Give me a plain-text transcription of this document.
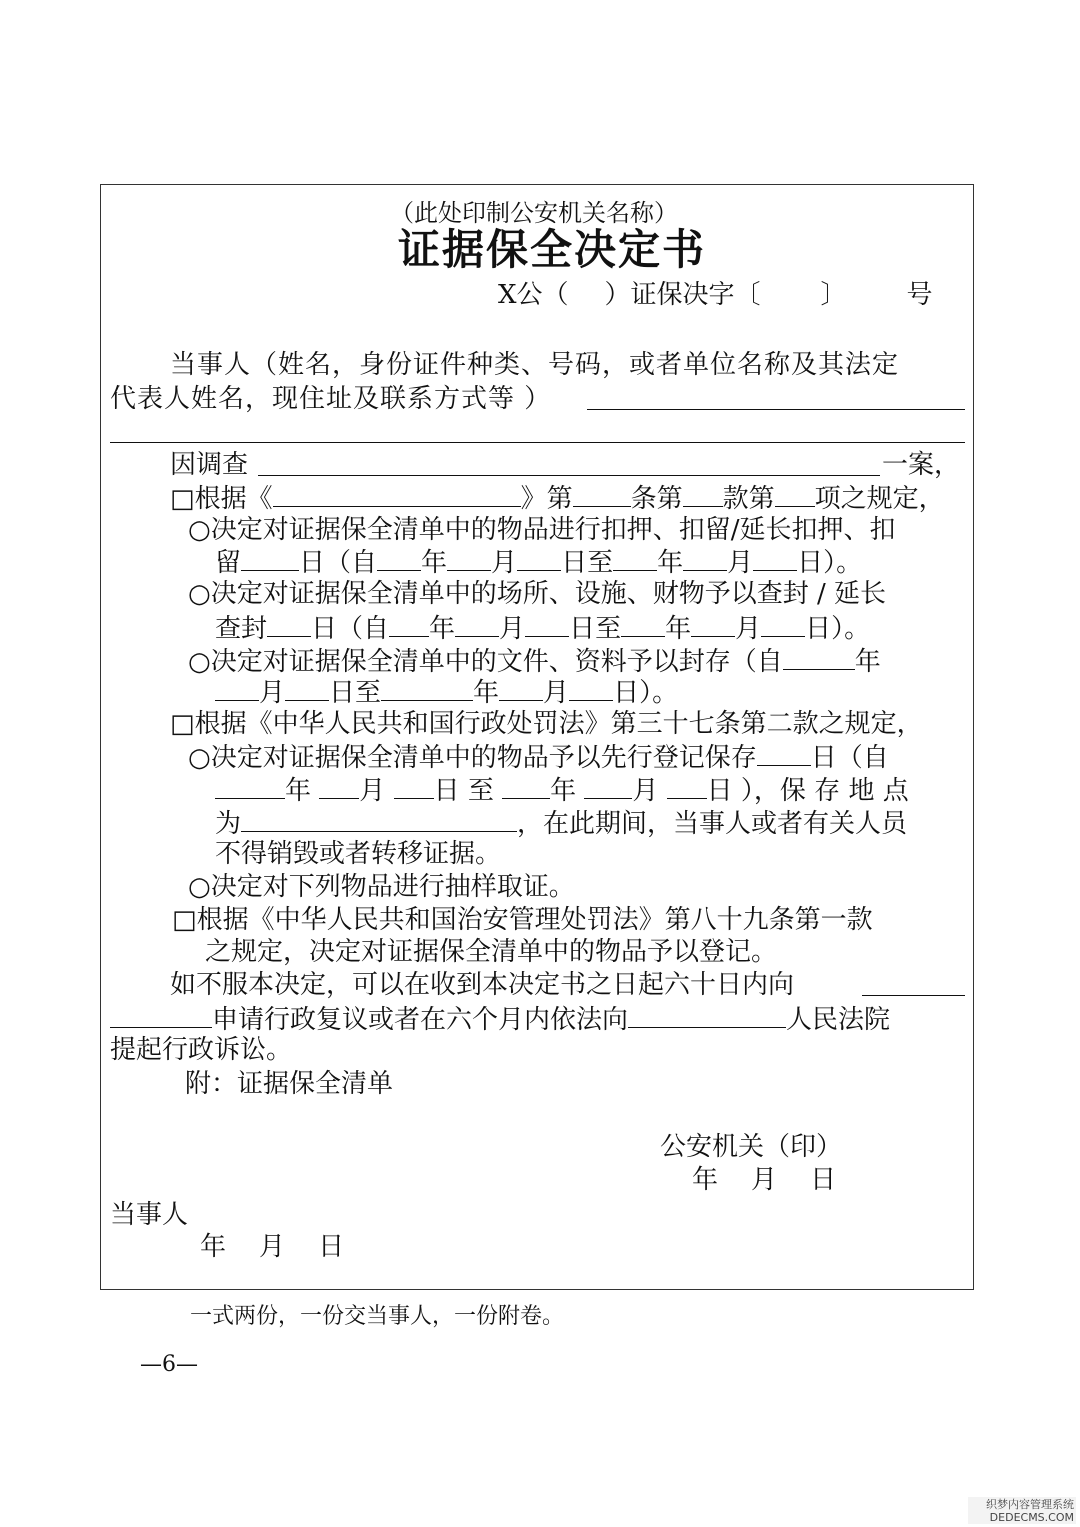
（此处印制公安机关名称）
证据保全决定书
X公（ ）证保决字〔 〕 号
当事人（姓名，身份证件种类、号码，或者单位名称及其法定
代表人姓名，现住址及联系方式等 ）
因调查	一案，
□根据《	》第 条第 款第 项之规定，
○决定对证据保全清单中的物品进行扣押、扣留/延长扣押、扣
留 日（自 年 月 日至 年 月 日）。
○决定对证据保全清单中的场所、设施、财物予以查封 / 延长
查封 日（自 年 月 日至 年 月 日）。
○决定对证据保全清单中的文件、资料予以封存（自	年
月 日至	年 月 日）。
□根据《中华人民共和国行政处罚法》第三十七条第二款之规定，
○决定对证据保全清单中的物品予以先行登记保存 日（自
年 月 日 至 年 月 日 ），保 存 地 点
为	，在此期间，当事人或者有关人员
不得销毁或者转移证据。
○决定对下列物品进行抽样取证。
□根据《中华人民共和国治安管理处罚法》第八十九条第一款
之规定，决定对证据保全清单中的物品予以登记。
如不服本决定，可以在收到本决定书之日起六十日内向
申请行政复议或者在六个月内依法向	人民法院
提起行政诉讼。
附：证据保全清单
公安机关（印）
年    月    日
当事人
年    月    日
一式两份，一份交当事人，一份附卷。
—6—
织梦内容管理系统
DEDECMS.COM
